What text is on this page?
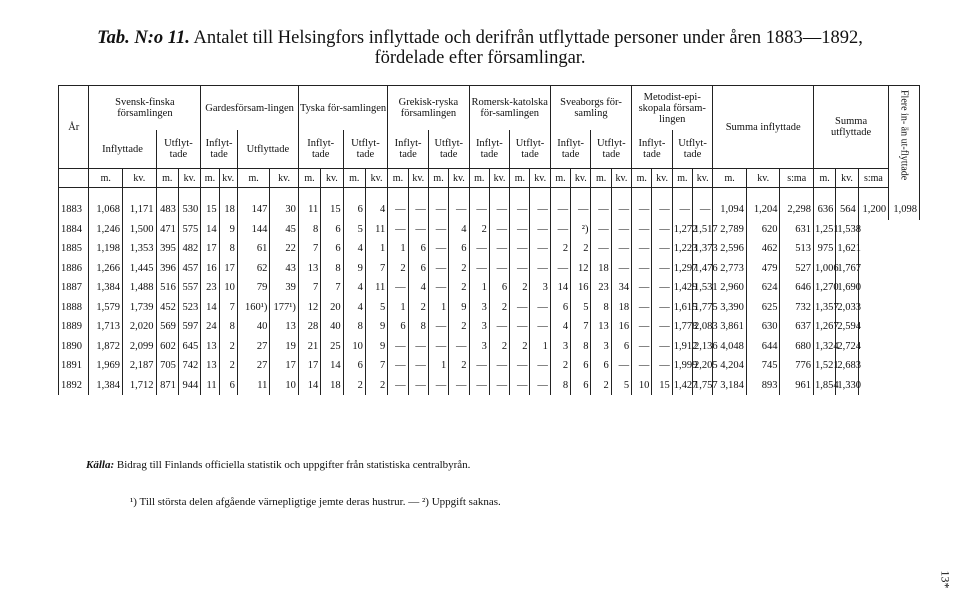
Tab. N:o 11. Antalet till Helsingfors inflyttade och derifrån utflyttade personer under åren 1883—1892,
fördelade efter församlingar.
År	Svensk-finska församlingen				Gardesförsam-lingen				Tyska för-samlingen				Grekisk-ryska församlingen				Romersk-katolska för-samlingen				Sveaborgs för-samling				Metodist-epi-skopala försam-lingen				Summa inflyttade			Summa utflyttade			Flere in- än ut-flyttade
	Inflyttade		Utflyt-tade		Inflyt-tade		Utflyttade		Inflyt-tade		Utflyt-tade		Inflyt-tade		Utflyt-tade		Inflyt-tade		Utflyt-tade		Inflyt-tade		Utflyt-tade		Inflyt-tade		Utflyt-tade								
	m.	kv.	m.	kv.	m.	kv.	m.	kv.	m.	kv.	m.	kv.	m.	kv.	m.	kv.	m.	kv.	m.	kv.	m.	kv.	m.	kv.	m.	kv.	m.	kv.	m.	kv.	s:ma	m.	kv.	s:ma	
1883	1,068	1,171	483	530	15	18	147	30	11	15	6	4	—	—	—	—	—	—	—	—	—	—	—	—	—	—	—	—	1,094	1,204	2,298	636	564	1,200	1,098
1884	1,246	1,500	471	575	14	9	144	45	8	6	5	11	—	—	—	4	2	—	—	—	—	²)	—	—	—	—	1,272	1,517	2,789	620	631	1,251	1,538		
1885	1,198	1,353	395	482	17	8	61	22	7	6	4	1	1	6	—	6	—	—	—	—	2	2	—	—	—	—	1,223	1,373	2,596	462	513	975	1,621		
1886	1,266	1,445	396	457	16	17	62	43	13	8	9	7	2	6	—	2	—	—	—	—	—	12	18	—	—	—	1,297	1,476	2,773	479	527	1,006	1,767		
1887	1,384	1,488	516	557	23	10	79	39	7	7	4	11	—	4	—	2	1	6	2	3	14	16	23	34	—	—	1,429	1,531	2,960	624	646	1,270	1,690		
1888	1,579	1,739	452	523	14	7	160¹)	177¹)	12	20	4	5	1	2	1	9	3	2	—	—	6	5	8	18	—	—	1,615	1,775	3,390	625	732	1,357	2,033		
1889	1,713	2,020	569	597	24	8	40	13	28	40	8	9	6	8	—	2	3	—	—	—	4	7	13	16	—	—	1,778	2,083	3,861	630	637	1,267	2,594		
1890	1,872	2,099	602	645	13	2	27	19	21	25	10	9	—	—	—	—	3	2	2	1	3	8	3	6	—	—	1,912	2,136	4,048	644	680	1,324	2,724		
1891	1,969	2,187	705	742	13	2	27	17	17	14	6	7	—	—	1	2	—	—	—	—	2	6	6	—	—	—	1,999	2,205	4,204	745	776	1,521	2,683		
1892	1,384	1,712	871	944	11	6	11	10	14	18	2	2	—	—	—	—	—	—	—	—	8	6	2	5	10	15	1,427	1,757	3,184	893	961	1,854	1,330		
Källa: Bidrag till Finlands officiella statistik och uppgifter från statistiska centralbyrån.
¹) Till största delen afgående värnepligtige jemte deras hustrur. — ²) Uppgift saknas.
13*
